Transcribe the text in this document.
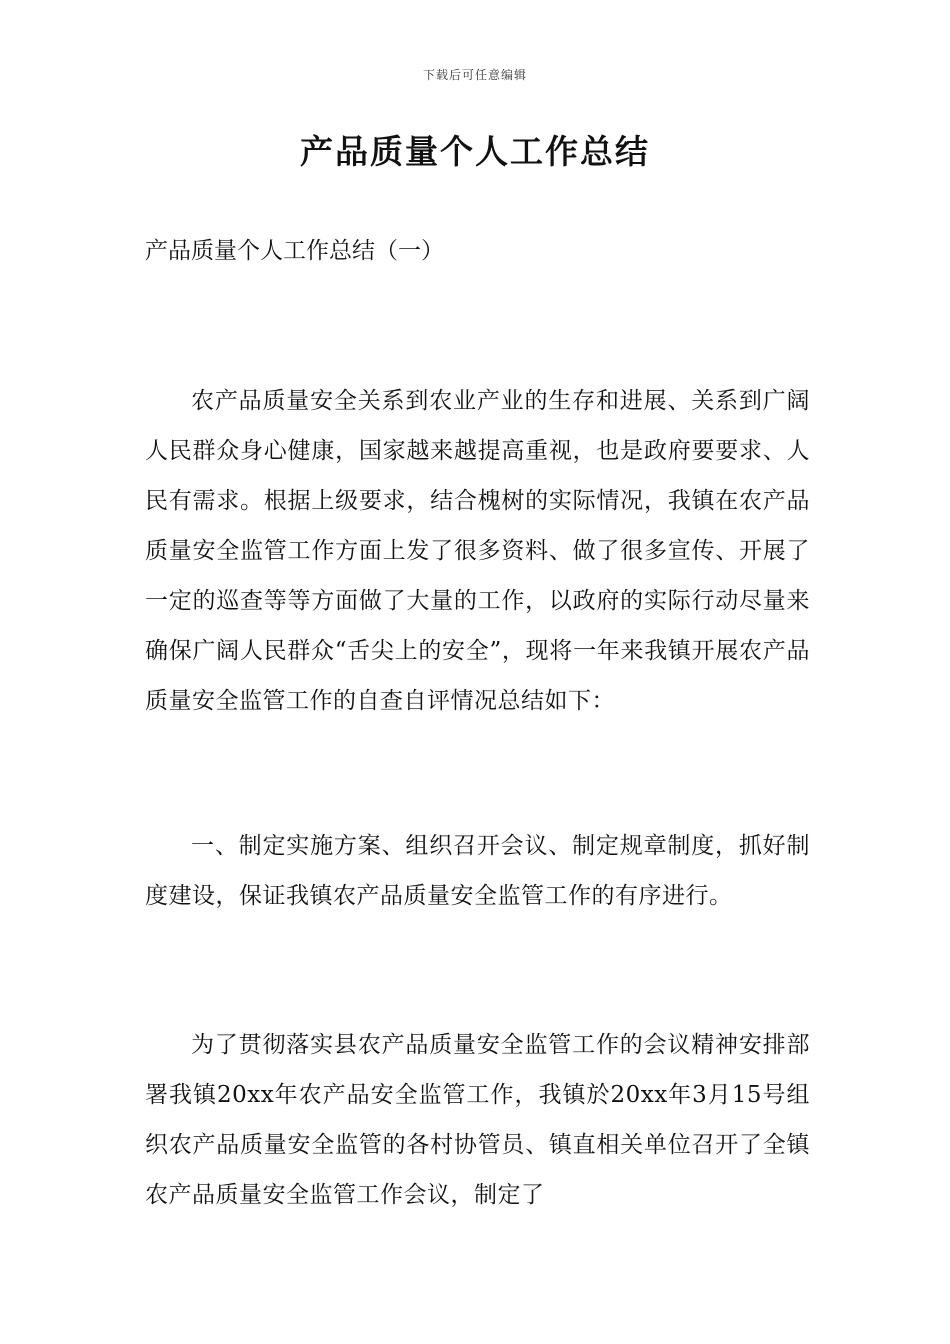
下载后可任意编辑
产品质量个人工作总结

产品质量个人工作总结（一）

农产品质量安全关系到农业产业的生存和进展、关系到广阔人民群众身心健康，国家越来越提高重视，也是政府要要求、人民有需求。根据上级要求，结合槐树的实际情况，我镇在农产品质量安全监管工作方面上发了很多资料、做了很多宣传、开展了一定的巡查等等方面做了大量的工作，以政府的实际行动尽量来确保广阔人民群众“舌尖上的安全”，现将一年来我镇开展农产品质量安全监管工作的自查自评情况总结如下：

一、制定实施方案、组织召开会议、制定规章制度，抓好制度建设，保证我镇农产品质量安全监管工作的有序进行。

为了贯彻落实县农产品质量安全监管工作的会议精神安排部署我镇20xx年农产品安全监管工作，我镇於20xx年3月15号组织农产品质量安全监管的各村协管员、镇直相关单位召开了全镇农产品质量安全监管工作会议，制定了
